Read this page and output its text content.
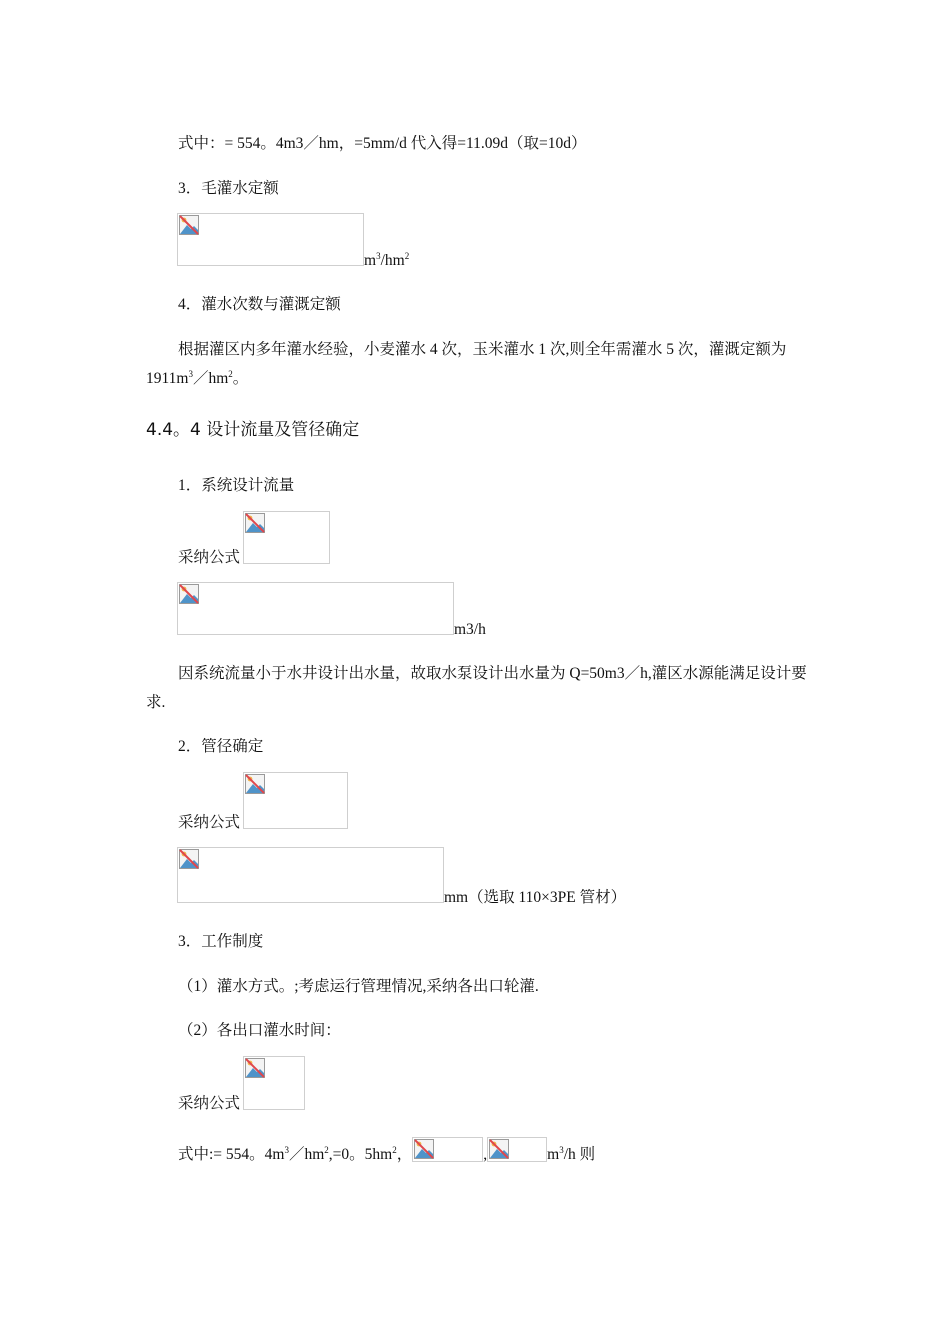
式中：= 554。4m3／hm，=5mm/d 代入得=11.09d（取=10d）
3．毛灌水定额
$m^3/hm^2$
4．灌水次数与灌溉定额
根据灌区内多年灌水经验，小麦灌水 4 次，玉米灌水 1 次,则全年需灌水 5 次，灌溉定额为 $1911m^3/hm^2$。
4.4。4 设计流量及管径确定
1．系统设计流量
采纳公式
m3/h
因系统流量小于水井设计出水量，故取水泵设计出水量为 Q=50m3／h,灌区水源能满足设计要求.
2．管径确定
采纳公式
mm（选取 110×3PE 管材）
3．工作制度
（1）灌水方式。;考虑运行管理情况,采纳各出口轮灌.
（2）各出口灌水时间：
采纳公式
式中:= 554。$4m^3/hm^2,=0$。$5hm^2$，	,	$m^3/h$ 则
